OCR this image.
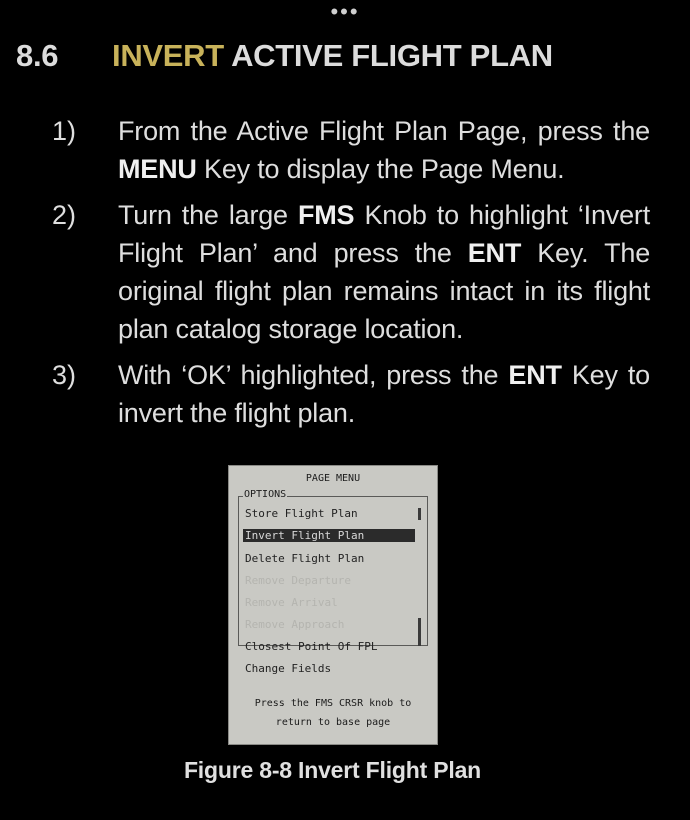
•••
8.6 INVERT ACTIVE FLIGHT PLAN
1) From the Active Flight Plan Page, press the MENU Key to display the Page Menu.
2) Turn the large FMS Knob to highlight ‘Invert Flight Plan’ and press the ENT Key. The original flight plan remains intact in its flight plan catalog storage location.
3) With ‘OK’ highlighted, press the ENT Key to invert the flight plan.
PAGE MENU
OPTIONS
Store Flight Plan
Invert Flight Plan
Delete Flight Plan
Remove Departure
Remove Arrival
Remove Approach
Closest Point Of FPL
Change Fields
Press the FMS CRSR knob to
return to base page
Figure 8-8 Invert Flight Plan
